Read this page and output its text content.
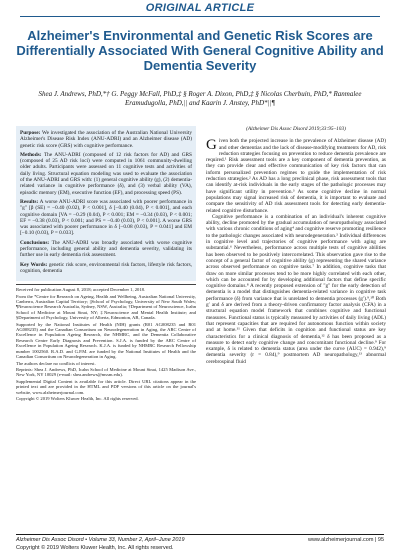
ORIGINAL ARTICLE
Alzheimer's Environmental and Genetic Risk Scores are Differentially Associated With General Cognitive Ability and Dementia Severity

Shea J. Andrews, PhD,*† G. Peggy McFall, PhD,‡ § Roger A. Dixon, PhD,‡ § Nicolas Cherbuin, PhD,* Ranmalee Eramudugolla, PhD,|| and Kaarin J. Anstey, PhD*||¶

Purpose: We investigated the association of the Australian National University Alzheimer's Disease Risk Index (ANU-ADRI) and an Alzheimer disease (AD) genetic risk score (GRS) with cognitive performance.

Methods: The ANU-ADRI (composed of 12 risk factors for AD) and GRS (composed of 25 AD risk loci) were computed in 1061 community-dwelling older adults. Participants were assessed on 11 cognitive tests and activities of daily living. Structural equation modeling was used to evaluate the association of the ANU-ADRI and GRS with: (1) general cognitive ability (g), (2) dementia-related variance in cognitive performance (δ), and (3) verbal ability (VA), episodic memory (EM), executive function (EF), and processing speed (PS).

Results: A worse ANU-ADRI score was associated with poorer performance in "g" [β (SE) = −0.40 (0.02), P < 0.001], δ [−0.40 (0.04), P < 0.001], and each cognitive domain [VA = −0.29 (0.04), P < 0.001; EM = −0.34 (0.03), P < 0.001; EF = −0.38 (0.03), P < 0.001; and PS = −0.40 (0.03), P < 0.001]. A worse GRS was associated with poorer performance in δ [−0.08 (0.03), P = 0.041] and EM [−0.10 (0.03), P = 0.033].

Conclusions: The ANU-ADRI was broadly associated with worse cognitive performance, including general ability and dementia severity, validating its further use in early dementia risk assessment.

Key Words: genetic risk score, environmental risk factors, lifestyle risk factors, cognition, dementia

Received for publication August 8, 2018; accepted December 1, 2018.

From the *Centre for Research on Ageing, Health and Wellbeing, Australian National University, Canberra, Australian Capital Territory; ||School of Psychology, University of New South Wales; ¶Neuroscience Research Australia, Sydney, NSW, Australia; †Department of Neuroscience, Icahn School of Medicine at Mount Sinai, NY; ‡Neuroscience and Mental Health Institute; and §Department of Psychology, University of Alberta, Edmonton, AB, Canada.

Supported by the National Institutes of Health (NIH) grants (R01 AG008235 and R01 AG008235) and the Canadian Consortium on Neurodegeneration in Aging, the ARC Centre of Excellence in Population Ageing Research, the NHMRC, and the Dementia Collaborative Research Centre Early Diagnosis and Prevention. S.J.A. is funded by the ARC Centre of Excellence in Population Ageing Research. K.J.A. is funded by NHMRC Research Fellowship number 1002560. R.A.D. and G.P.M. are funded by the National Institutes of Health and the Canadian Consortium on Neurodegeneration in Aging.

The authors declare no conflicts of interest.

Reprints: Shea J. Andrews, PhD, Icahn School of Medicine at Mount Sinai, 1425 Madison Ave., New York, NY 10029 (e-mail: shea.andrews@mssm.edu).

Supplemental Digital Content is available for this article. Direct URL citations appear in the printed text and are provided in the HTML and PDF versions of this article on the journal's website, www.alzheimerjournal.com.

Copyright © 2019 Wolters Kluwer Health, Inc. All rights reserved.

(Alzheimer Dis Assoc Disord 2019;33:95–103)

Given both the projected increase in the prevalence of Alzheimer disease (AD) and other dementias and the lack of disease-modifying treatments for AD, risk reduction strategies focusing on prevention to reduce dementia prevalence are required.¹ Risk assessment tools are a key component of dementia prevention, as they can provide clear and effective communication of key risk factors that can inform personalized prevention regimes to guide the implementation of risk reduction strategies.² As AD has a long preclinical phase, risk assessment tools that can identify at-risk individuals in the early stages of the pathologic processes may have significant utility in prevention.³ As some cognitive decline in normal populations may signal increased risk of dementia, it is important to evaluate and compare the sensitivity of AD risk assessment tools for detecting early dementia-related cognitive disturbance.

Cognitive performance is a combination of an individual's inherent cognitive ability, decline promoted by the gradual accumulation of neuropathology associated with various chronic conditions of aging⁴ and cognitive reserve promoting resilience to the pathologic changes associated with neurodegeneration.⁵ Individual differences in cognitive level and trajectories of cognitive performance with aging are substantial.⁶ Nevertheless, performance across multiple tests of cognitive abilities has been observed to be positively intercorrelated. This observation gave rise to the concept of a general factor of cognitive ability (g) representing the shared variance across observed performance on cognitive tasks.⁷ In addition, cognitive tasks that draw on more similar processes tend to be more highly correlated with each other, which can be accounted for by developing additional factors that define specific cognitive domains.⁸ A recently proposed extension of "g" for the early detection of dementia is a model that distinguishes dementia-related variance in cognitive task performance (δ) from variance that is unrelated to dementia processes (g′).⁹,¹⁰ Both g′ and δ are derived from a theory-driven confirmatory factor analysis (CFA) in a structural equation model framework that combines cognitive and functional measures. Functional status is typically measured by activities of daily living (ADL) that represent capacities that are required for autonomous function within society and at home.¹¹ Given that deficits in cognition and functional status are key characteristics for a clinical diagnosis of dementia,¹² δ has been proposed as a measure to detect early cognitive change and concomitant functional decline.⁹ For example, δ is related to dementia status (area under the curve (AUC) = 0.942),⁹ dementia severity (r = 0.84),⁹ postmortem AD neuropathology,¹³ abnormal cerebrospinal fluid

Alzheimer Dis Assoc Disord • Volume 33, Number 2, April–June 2019	www.alzheimerjournal.com | 95
Copyright © 2019 Wolters Kluwer Health, Inc. All rights reserved.
